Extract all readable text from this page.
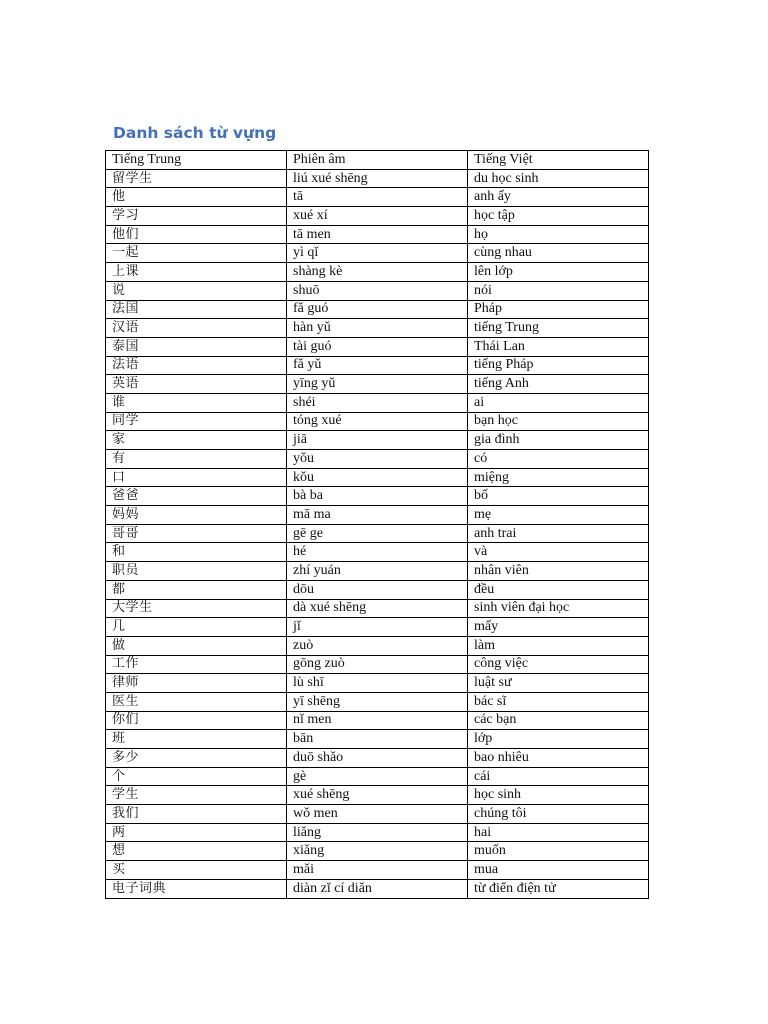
Danh sách từ vựng
Tiếng Trung	Phiên âm	Tiếng Việt
留学生	liú xué shēng	du học sinh
他	tā	anh ấy
学习	xué xí	học tập
他们	tā men	họ
一起	yì qǐ	cùng nhau
上课	shàng kè	lên lớp
说	shuō	nói
法国	fǎ guó	Pháp
汉语	hàn yǔ	tiếng Trung
泰国	tài guó	Thái Lan
法语	fǎ yǔ	tiếng Pháp
英语	yīng yǔ	tiếng Anh
谁	shéi	ai
同学	tóng xué	bạn học
家	jiā	gia đình
有	yǒu	có
口	kǒu	miệng
爸爸	bà ba	bố
妈妈	mā ma	mẹ
哥哥	gē ge	anh trai
和	hé	và
职员	zhí yuán	nhân viên
都	dōu	đều
大学生	dà xué shēng	sinh viên đại học
几	jǐ	mấy
做	zuò	làm
工作	gōng zuò	công việc
律师	lù shī	luật sư
医生	yī shēng	bác sĩ
你们	nǐ men	các bạn
班	bān	lớp
多少	duō shǎo	bao nhiêu
个	gè	cái
学生	xué shēng	học sinh
我们	wǒ men	chúng tôi
两	liǎng	hai
想	xiǎng	muốn
买	mǎi	mua
电子词典	diàn zǐ cí diǎn	từ điển điện tử
